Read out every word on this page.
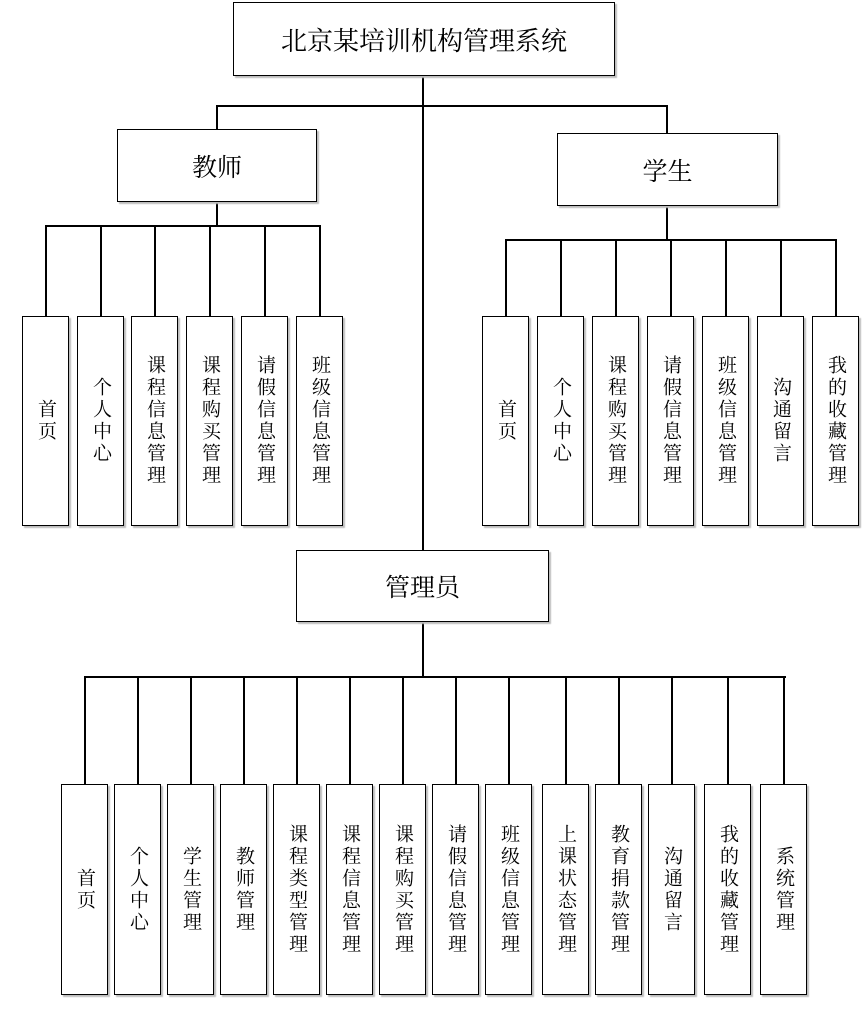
北京某培训机构管理系统
教师	学生
管理员
首页 个人中心 课程信息管理 课程购买管理 请假信息管理 班级信息管理	首页 个人中心 课程购买管理 请假信息管理 班级信息管理 沟通留言 我的收藏管理
首页 个人中心 学生管理 教师管理 课程类型管理 课程信息管理 课程购买管理 请假信息管理 班级信息管理 上课状态管理 教育捐款管理 沟通留言 我的收藏管理 系统管理
